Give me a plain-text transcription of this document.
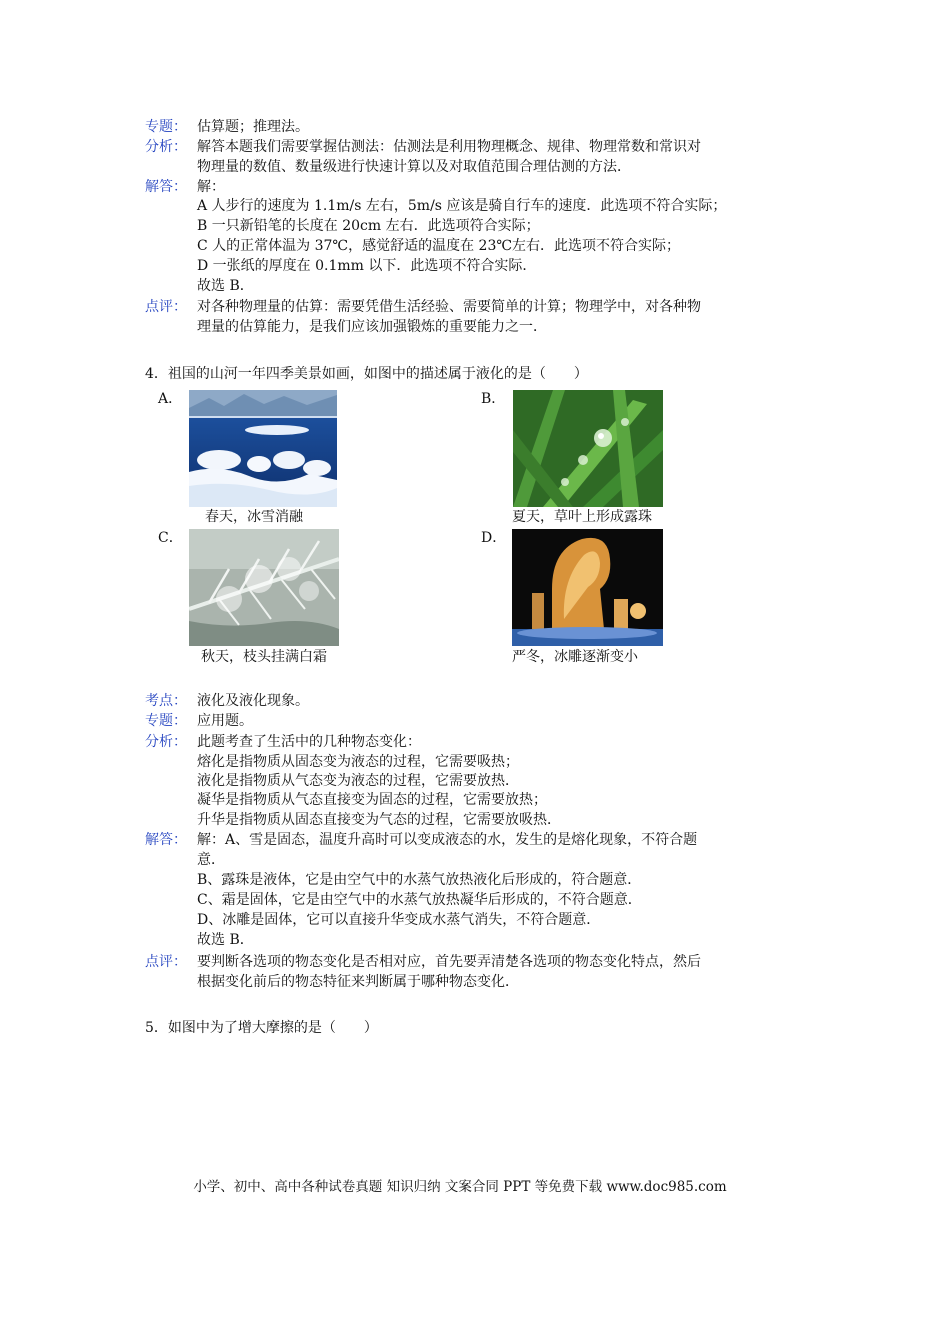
专题： 估算题；推理法。
分析： 解答本题我们需要掌握估测法：估测法是利用物理概念、规律、物理常数和常识对
物理量的数值、数量级进行快速计算以及对取值范围合理估测的方法．
解答： 解：
A 人步行的速度为 1.1m/s 左右，5m/s 应该是骑自行车的速度．此选项不符合实际；
B 一只新铅笔的长度在 20cm 左右．此选项符合实际；
C 人的正常体温为 37℃，感觉舒适的温度在 23℃左右．此选项不符合实际；
D 一张纸的厚度在 0.1mm 以下．此选项不符合实际．
故选 B．
点评： 对各种物理量的估算：需要凭借生活经验、需要简单的计算；物理学中，对各种物
理量的估算能力，是我们应该加强锻炼的重要能力之一．
4．祖国的山河一年四季美景如画，如图中的描述属于液化的是（　　）
A．
春天，冰雪消融
B．
夏天，草叶上形成露珠
C．
秋天，枝头挂满白霜
D．
严冬，冰雕逐渐变小
考点： 液化及液化现象。
专题： 应用题。
分析： 此题考查了生活中的几种物态变化：
熔化是指物质从固态变为液态的过程，它需要吸热；
液化是指物质从气态变为液态的过程，它需要放热．
凝华是指物质从气态直接变为固态的过程，它需要放热；
升华是指物质从固态直接变为气态的过程，它需要放吸热．
解答： 解：A、雪是固态，温度升高时可以变成液态的水，发生的是熔化现象，不符合题
意．
B、露珠是液体，它是由空气中的水蒸气放热液化后形成的，符合题意．
C、霜是固体，它是由空气中的水蒸气放热凝华后形成的，不符合题意．
D、冰雕是固体，它可以直接升华变成水蒸气消失，不符合题意．
故选 B．
点评： 要判断各选项的物态变化是否相对应，首先要弄清楚各选项的物态变化特点，然后
根据变化前后的物态特征来判断属于哪种物态变化．
5．如图中为了增大摩擦的是（　　）
小学、初中、高中各种试卷真题 知识归纳 文案合同 PPT 等免费下载 www.doc985.com
